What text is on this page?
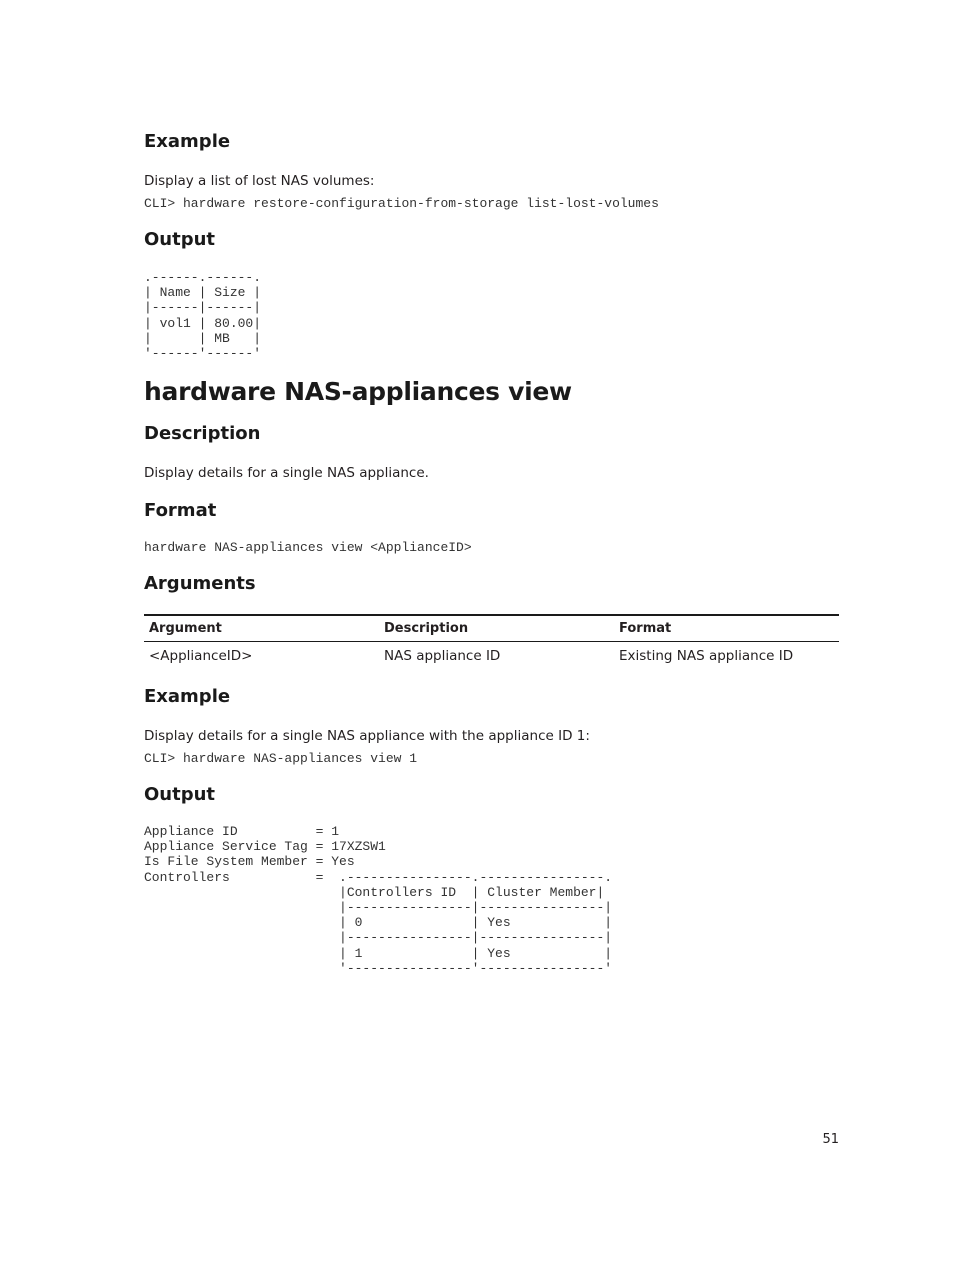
Example

Display a list of lost NAS volumes:

CLI> hardware restore-configuration-from-storage list-lost-volumes
Output
.------.------.
| Name | Size |
|------|------|
| vol1 | 80.00|
|      | MB   |
'------'------'
hardware NAS-appliances view
Description

Display details for a single NAS appliance.

Format
hardware NAS-appliances view <ApplianceID>
Arguments
Argument	Description	Format
<ApplianceID>	NAS appliance ID	Existing NAS appliance ID
Example

Display details for a single NAS appliance with the appliance ID 1:

CLI> hardware NAS-appliances view 1
Output
Appliance ID          = 1
Appliance Service Tag = 17XZSW1
Is File System Member = Yes
Controllers           =  .----------------.----------------.
|Controllers ID  | Cluster Member|
|----------------|----------------|
| 0              | Yes            |
|----------------|----------------|
| 1              | Yes            |
'----------------'----------------'

51
